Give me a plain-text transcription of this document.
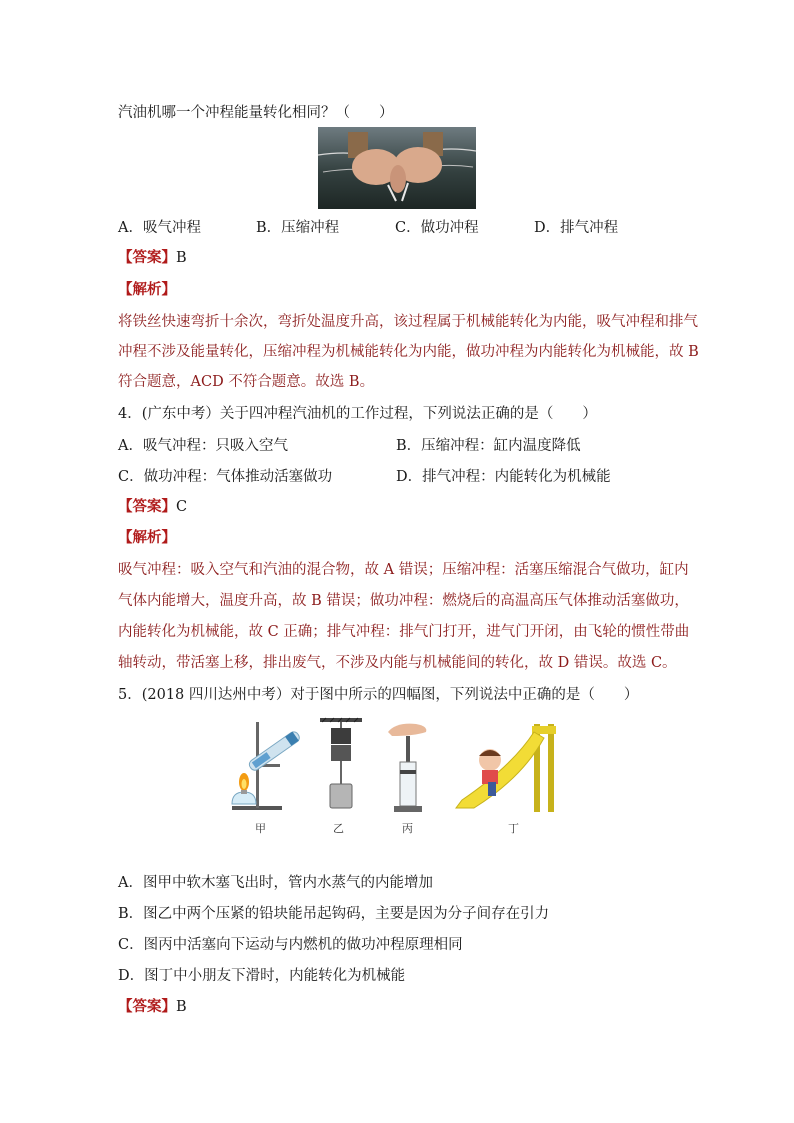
汽油机哪一个冲程能量转化相同？（　　）
A．吸气冲程	B．压缩冲程	C．做功冲程	D．排气冲程
【答案】B
【解析】
将铁丝快速弯折十余次，弯折处温度升高，该过程属于机械能转化为内能，吸气冲程和排气
冲程不涉及能量转化，压缩冲程为机械能转化为内能，做功冲程为内能转化为机械能，故 B
符合题意，ACD 不符合题意。故选 B。
4．(广东中考）关于四冲程汽油机的工作过程，下列说法正确的是（　　）
A．吸气冲程：只吸入空气	B．压缩冲程：缸内温度降低
C．做功冲程：气体推动活塞做功	D．排气冲程：内能转化为机械能
【答案】C
【解析】
吸气冲程：吸入空气和汽油的混合物，故 A 错误；压缩冲程：活塞压缩混合气做功，缸内
气体内能增大，温度升高，故 B 错误；做功冲程：燃烧后的高温高压气体推动活塞做功，
内能转化为机械能，故 C 正确；排气冲程：排气门打开，进气门开闭，由飞轮的惯性带曲
轴转动，带活塞上移，排出废气，不涉及内能与机械能间的转化，故 D 错误。故选 C。
5．(2018 四川达州中考）对于图中所示的四幅图，下列说法中正确的是（　　）
甲	乙	丙	丁
A．图甲中软木塞飞出时，管内水蒸气的内能增加
B．图乙中两个压紧的铅块能吊起钩码，主要是因为分子间存在引力
C．图丙中活塞向下运动与内燃机的做功冲程原理相同
D．图丁中小朋友下滑时，内能转化为机械能
【答案】B
